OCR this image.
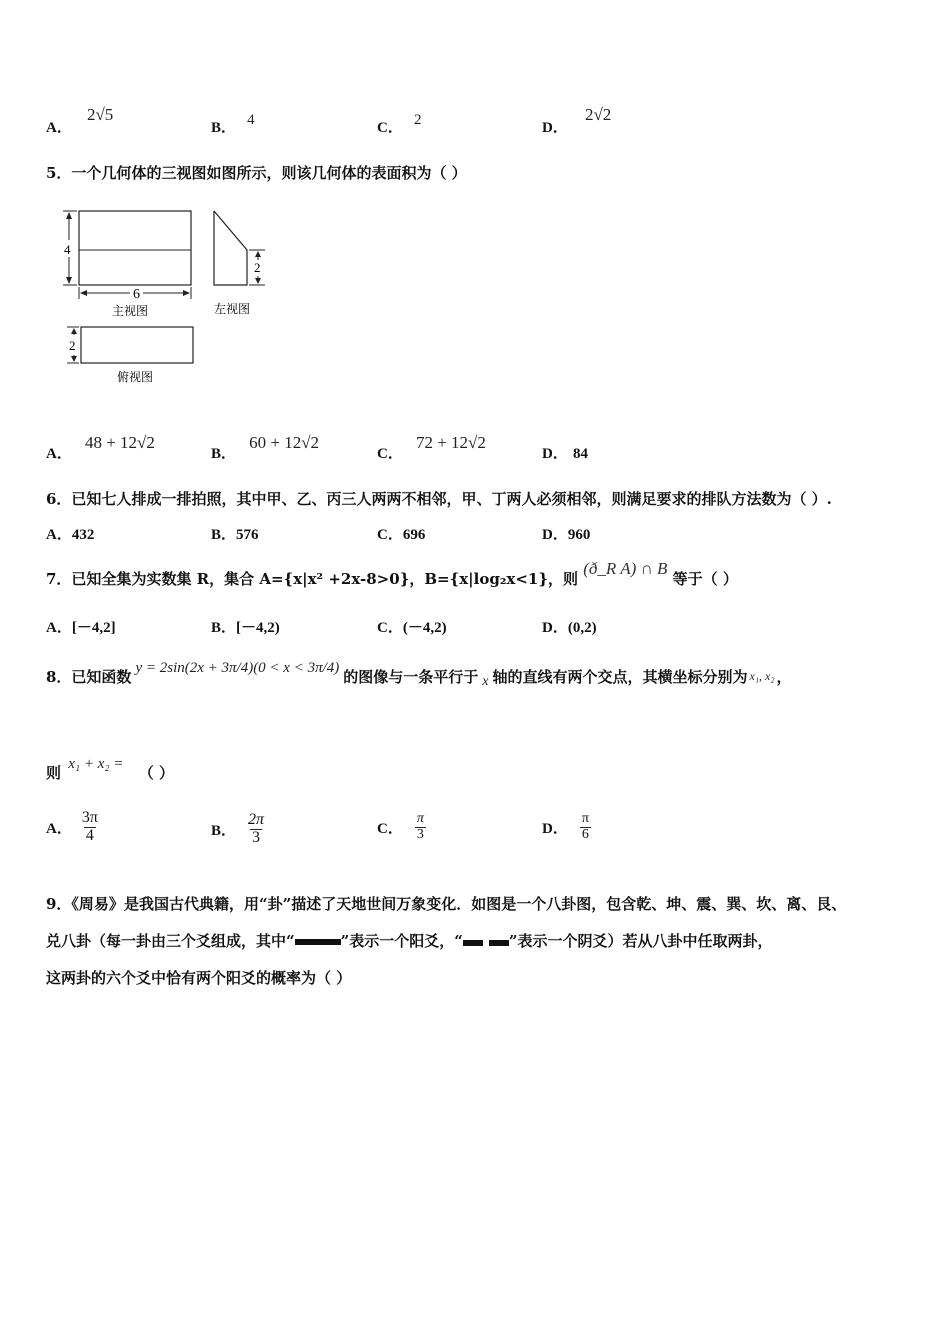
A． 2√5
B． 4	C． 2	D． 2√2
5．一个几何体的三视图如图所示，则该几何体的表面积为（ ）
4
6
主视图
2
左视图
2
俯视图
A． 48 + 12√2
B． 60 + 12√2
C． 72 + 12√2
D． 84
6．已知七人排成一排拍照，其中甲、乙、丙三人两两不相邻，甲、丁两人必须相邻，则满足要求的排队方法数为（ ）.
A．432	B．576	C．696	D．960
7．已知全集为实数集 R，集合 A={x|x² +2x-8>0}，B={x|log₂x<1}，则 (ð_R A) ∩ B 等于（ ）
A．[－4,2]	B．[－4,2)	C．(－4,2)	D．(0,2)
8．已知函数 y = 2sin(2x + 3π/4)(0 < x < 3π/4) 的图像与一条平行于 x 轴的直线有两个交点，其横坐标分别为 x₁, x₂ ，
则 x₁ + x₂ = （ ）
A． $\frac{3\pi}{4}$	B． $\frac{2\pi}{3}$	C． $\frac{\pi}{3}$	D． $\frac{\pi}{6}$
9．《周易》是我国古代典籍，用“卦”描述了天地世间万象变化．如图是一个八卦图，包含乾、坤、震、巽、坎、离、艮、
兑八卦（每一卦由三个爻组成，其中“	”表示一个阳爻，“	”表示一个阴爻）若从八卦中任取两卦，
这两卦的六个爻中恰有两个阳爻的概率为（ ）
